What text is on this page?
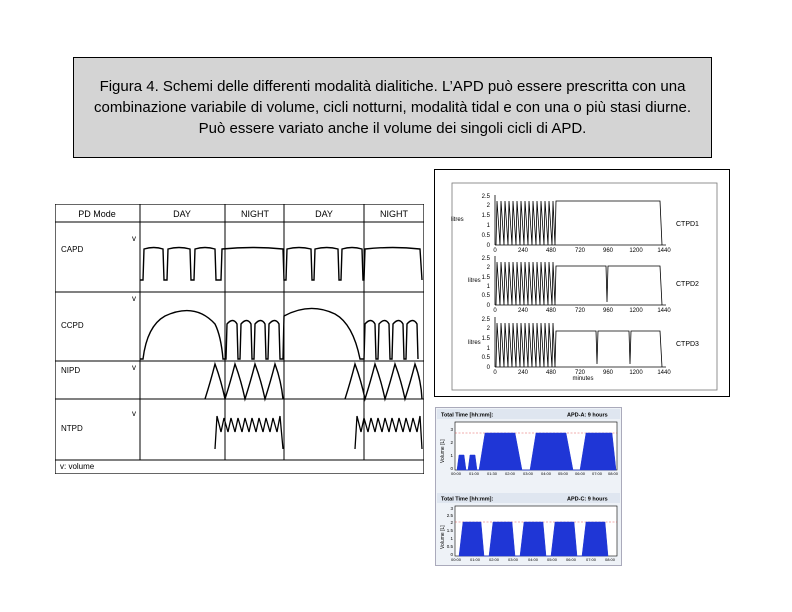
Figura 4. Schemi delle differenti modalità dialitiche. L’APD può essere prescritta con una combinazione variabile di volume, cicli notturni, modalità tidal e con una o più stasi diurne. Può essere variato anche il volume dei singoli cicli di APD.

PD Mode	DAY	NIGHT	DAY	NIGHT
CAPD
CCPD
NIPD
NTPD
v
v
v
v
v: volume
2.5
2
1.5
1
0.5
0
litres
0	240	480	720	960	1200 1440
CTPD1
2.5
2
1.5
1
0.5
0
litres
0	240	480	720	960	1200 1440
CTPD2
2.5
2
1.5
1
0.5
0
litres
0	240	480	720	960	1200 1440
minutes
CTPD3
Total Time [hh:mm]:	APD-A: 9 hours
Volume [L]
3
2
1
0
00:00 01:00 01:30 02:00 03:00 04:00 05:00 06:00 07:00 08:00
Total Time [hh:mm]:	APD-C: 9 hours
Volume [L]
3
2.5
2
1.5
1
0.5
0
00:00 01:00 02:00 03:00 04:00 05:00 06:00 07:00 08:00
